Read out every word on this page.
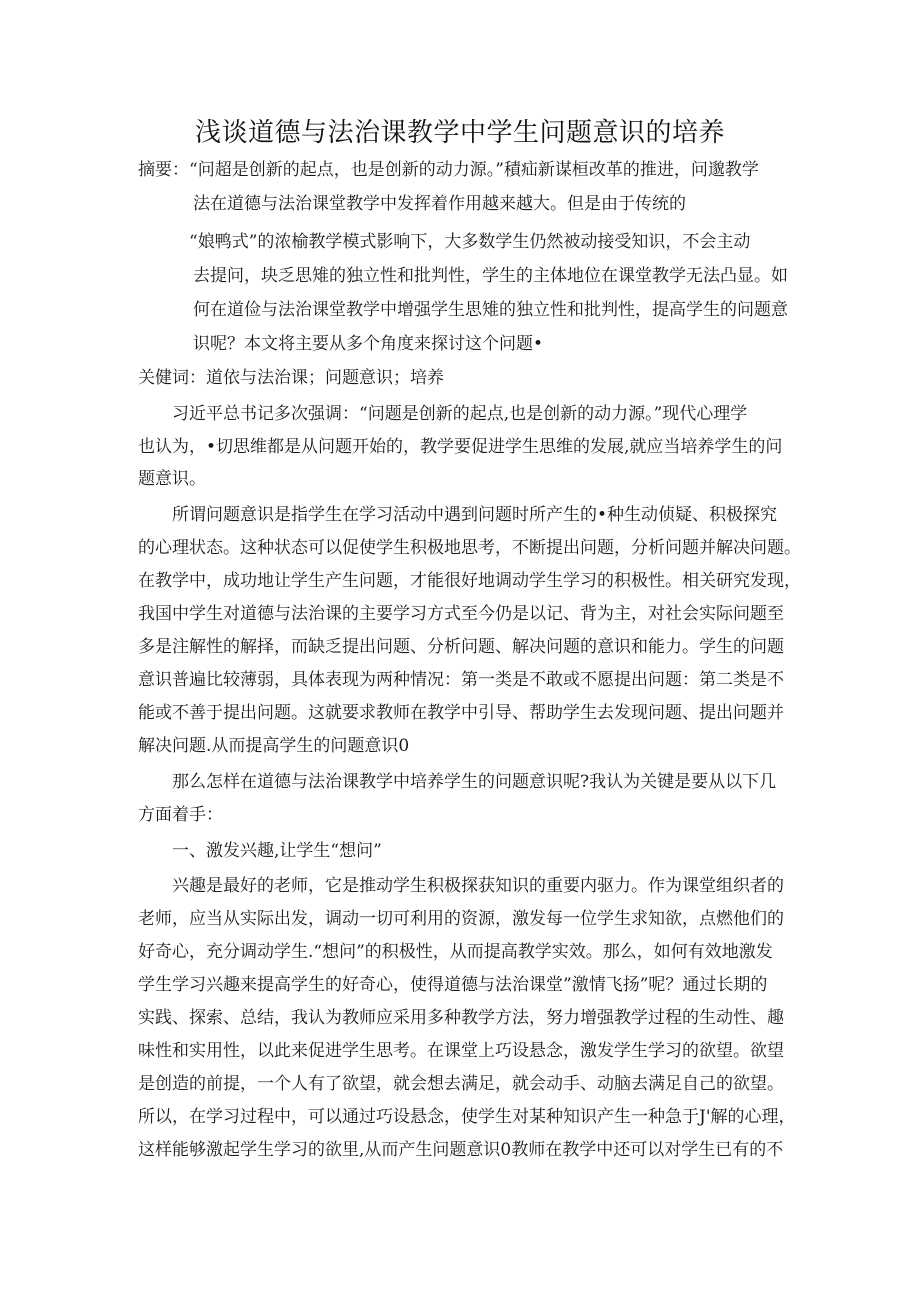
浅谈道德与法治课教学中学生问题意识的培养
摘要：“问超是创新的起点，也是创新的动力源。”積疝新谋桓改革的推进，问邈教学
法在道德与法治课堂教学中发挥着作用越来越大。但是由于传统的
“娘鸭式”的浓榆教学模式影响下，大多数学生仍然被动接受知识，不会主动
去提问，块乏思雉的独立性和批判性，学生的主体地位在课堂教学无法凸显。如
何在道俭与法治课堂教学中增强学生思雉的独立性和批判性，提高学生的问题意
识呢？本文将主要从多个角度来探讨这个问题•
关健词：道依与法治课；问题意识；培养
习近平总书记多次强调：“问题是创新的起点,也是创新的动力源。”现代心理学
也认为，•切思维都是从问题开始的，教学要促进学生思维的发展,就应当培养学生的问
题意识。
所谓问题意识是指学生在学习活动中遇到问题时所产生的•种生动侦疑、积极探究
的心理状态。这种状态可以促使学生积极地思考，不断提出问题，分析问题并解决问题。
在教学中，成功地让学生产生问题，才能很好地调动学生学习的积极性。相关研究发现，
我国中学生对道德与法治课的主要学习方式至今仍是以记、背为主，对社会实际问题至
多是注解性的解择，而缺乏提出问题、分析问题、解决问题的意识和能力。学生的问题
意识普遍比较薄弱，具体表现为两种情况：第一类是不敢或不愿提出问题：第二类是不
能或不善于提出问题。这就要求教师在教学中引导、帮助学生去发现问题、提出问题并
解决问题.从而提高学生的问题意识0
那么怎样在道德与法治课教学中培养学生的问题意识呢?我认为关键是要从以下几
方面着手：
一、激发兴趣,让学生“想问”
兴趣是最好的老师，它是推动学生积极探获知识的重要内驱力。作为课堂组织者的
老师，应当从实际出发，调动一切可利用的资源，激发每一位学生求知欲，点燃他们的
好奇心，充分调动学生.“想问”的积极性，从而提高教学实效。那么，如何有效地激发
学生学习兴趣来提高学生的好奇心，使得道德与法治课堂”激情飞扬”呢？通过长期的
实践、探索、总结，我认为教师应采用多种教学方法，努力增强教学过程的生动性、趣
味性和实用性，以此来促进学生思考。在课堂上巧设悬念，激发学生学习的欲望。欲望
是创造的前提，一个人有了欲望，就会想去满足，就会动手、动脑去满足自己的欲望。
所以，在学习过程中，可以通过巧设悬念，使学生对某种知识产生一种急于J'解的心理，
这样能够激起学生学习的欲里,从而产生问题意识0教师在教学中还可以对学生已有的不
